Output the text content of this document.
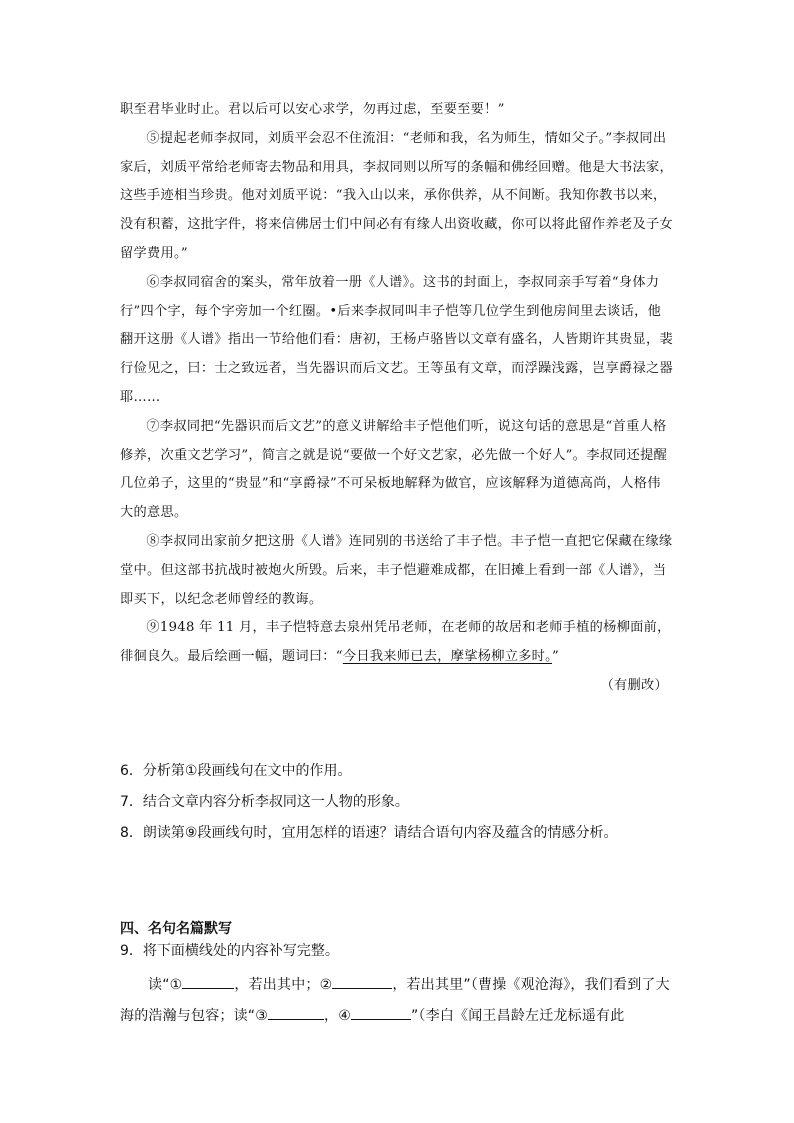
职至君毕业时止。君以后可以安心求学，勿再过虑，至要至要！”

⑤提起老师李叔同，刘质平会忍不住流泪：“老师和我，名为师生，情如父子。”李叔同出家后，刘质平常给老师寄去物品和用具，李叔同则以所写的条幅和佛经回赠。他是大书法家，这些手迹相当珍贵。他对刘质平说：“我入山以来，承你供养，从不间断。我知你教书以来，没有积蓄，这批字件，将来信佛居士们中间必有有缘人出资收藏，你可以将此留作养老及子女留学费用。”

⑥李叔同宿舍的案头，常年放着一册《人谱》。这书的封面上，李叔同亲手写着“身体力行”四个字，每个字旁加一个红圈。•后来李叔同叫丰子恺等几位学生到他房间里去谈话，他翻开这册《人谱》指出一节给他们看：唐初，王杨卢骆皆以文章有盛名，人皆期许其贵显，裴行俭见之，曰：士之致远者，当先器识而后文艺。王等虽有文章，而浮躁浅露，岂享爵禄之器耶……

⑦李叔同把“先器识而后文艺”的意义讲解给丰子恺他们听，说这句话的意思是“首重人格修养，次重文艺学习”，简言之就是说“要做一个好文艺家，必先做一个好人”。李叔同还提醒几位弟子，这里的“贵显”和“享爵禄”不可呆板地解释为做官，应该解释为道德高尚，人格伟大的意思。

⑧李叔同出家前夕把这册《人谱》连同别的书送给了丰子恺。丰子恺一直把它保藏在缘缘堂中。但这部书抗战时被炮火所毁。后来，丰子恺避难成都，在旧摊上看到一部《人谱》，当即买下，以纪念老师曾经的教诲。

⑨1948 年 11 月，丰子恺特意去泉州凭吊老师，在老师的故居和老师手植的杨柳面前，徘徊良久。最后绘画一幅，题词曰：“今日我来师已去，摩挲杨柳立多时。”

（有删改）

6．分析第①段画线句在文中的作用。

7．结合文章内容分析李叔同这一人物的形象。

8．朗读第⑨段画线句时，宜用怎样的语速？请结合语句内容及蕴含的情感分析。

四、名句名篇默写

9．将下面横线处的内容补写完整。

读“①	，若出其中；②	，若出其里”（曹操《观沧海》，我们看到了大海的浩瀚与包容；读“③	，④	”（李白《闻王昌龄左迁龙标遥有此
